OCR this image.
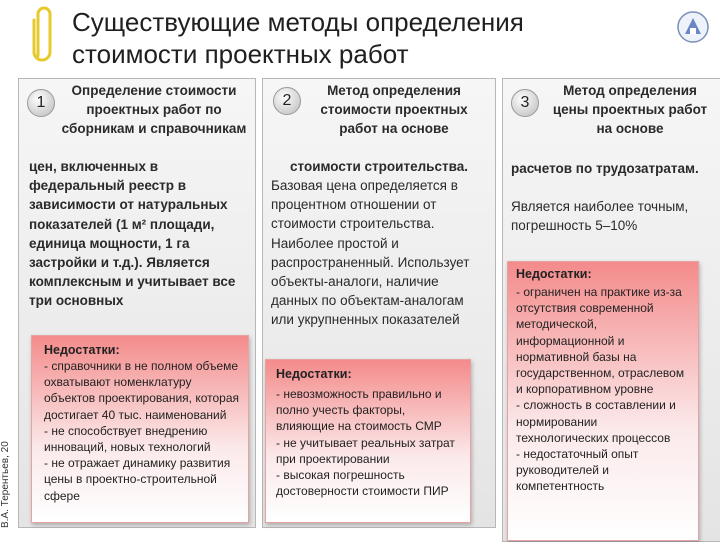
Существующие методы определения стоимости проектных работ
В.А. Терентьев, 20
1
Определение стоимости проектных работ по сборникам и справочникам
цен, включенных в федеральный реестр в зависимости от натуральных показателей (1 м² площади, единица мощности, 1 га застройки и т.д.). Является комплексным и учитывает все три основных
Недостатки:
- справочники в не полном объеме охватывают номенклатуру объектов проектирования, которая достигает 40 тыс. наименований
- не способствует внедрению инноваций, новых технологий
- не отражает динамику развития цены в проектно-строительной сфере
2
Метод определения стоимости проектных работ на основе
стоимости строительства.
Базовая цена определяется в процентном отношении от стоимости строительства. Наиболее простой и распространенный. Использует объекты-аналоги, наличие данных по объектам-аналогам или укрупненных показателей
Недостатки:
- невозможность правильно и полно учесть факторы, влияющие на стоимость СМР
- не учитывает реальных затрат при проектировании
- высокая погрешность достоверности стоимости ПИР
3
Метод определения цены проектных работ на основе
расчетов по трудозатратам.
Является наиболее точным, погрешность 5–10%
Недостатки:
- ограничен на практике из-за отсутствия современной методической, информационной и нормативной базы на государственном, отраслевом и корпоративном уровне
- сложность в составлении и нормировании технологических процессов
- недостаточный опыт руководителей и компетентность
